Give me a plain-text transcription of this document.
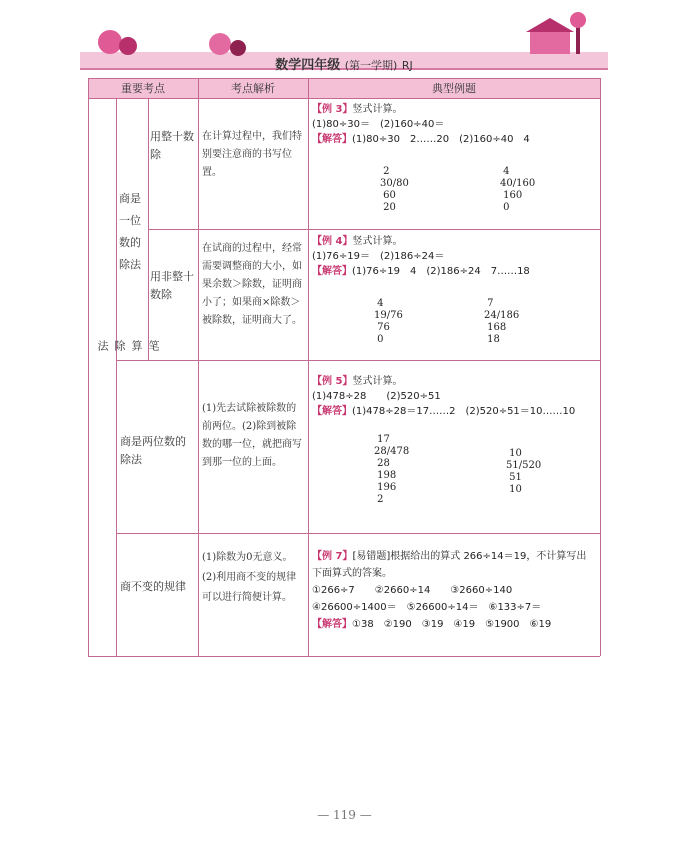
数学四年级 (第一学期) RJ
重要考点	考点解析	典型例题
笔算除法
商是一位数的除法
用整十数除
用非整十数除
商是两位数的除法
商不变的规律
在计算过程中，我们特别要注意商的书写位置。
在试商的过程中，经常需要调整商的大小，如果余数＞除数，证明商小了；如果商×除数＞被除数，证明商大了。
(1)先去试除被除数的前两位。(2)除到被除数的哪一位，就把商写到那一位的上面。
(1)除数为0无意义。(2)利用商不变的规律可以进行简便计算。
【例 3】竖式计算。
(1)80÷30＝　(2)160÷40＝
【解答】(1)80÷30　2……20　(2)160÷40　4
2
30/80
60
20
4
40/160
160
0
【例 4】竖式计算。
(1)76÷19＝　(2)186÷24＝
【解答】(1)76÷19　4　(2)186÷24　7……18
4
19/76
76
0
7
24/186
168
18
【例 5】竖式计算。
(1)478÷28　　(2)520÷51
【解答】(1)478÷28＝17……2　(2)520÷51＝10……10
17
28/478
28
198
196
2
10
51/520
51
10
【例 7】[易错题]根据给出的算式 266÷14＝19，不计算写出下面算式的答案。
①266÷7　　②2660÷14　　③2660÷140
④26600÷1400＝　⑤26600÷14＝　⑥133÷7＝
【解答】①38　②190　③19　④19　⑤1900　⑥19
— 119 —
